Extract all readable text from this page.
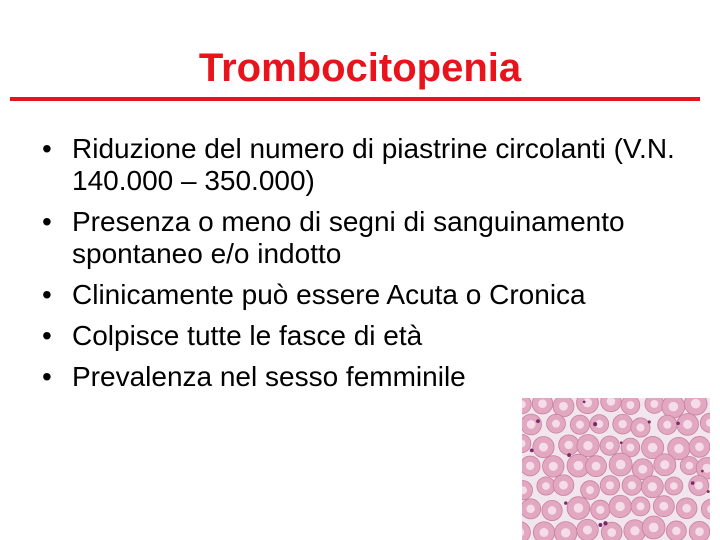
Trombocitopenia
• Riduzione del numero di piastrine circolanti (V.N. 140.000 – 350.000)
• Presenza o meno di segni di sanguinamento spontaneo e/o indotto
• Clinicamente può essere Acuta o Cronica
• Colpisce tutte le fasce di età
• Prevalenza nel sesso femminile
